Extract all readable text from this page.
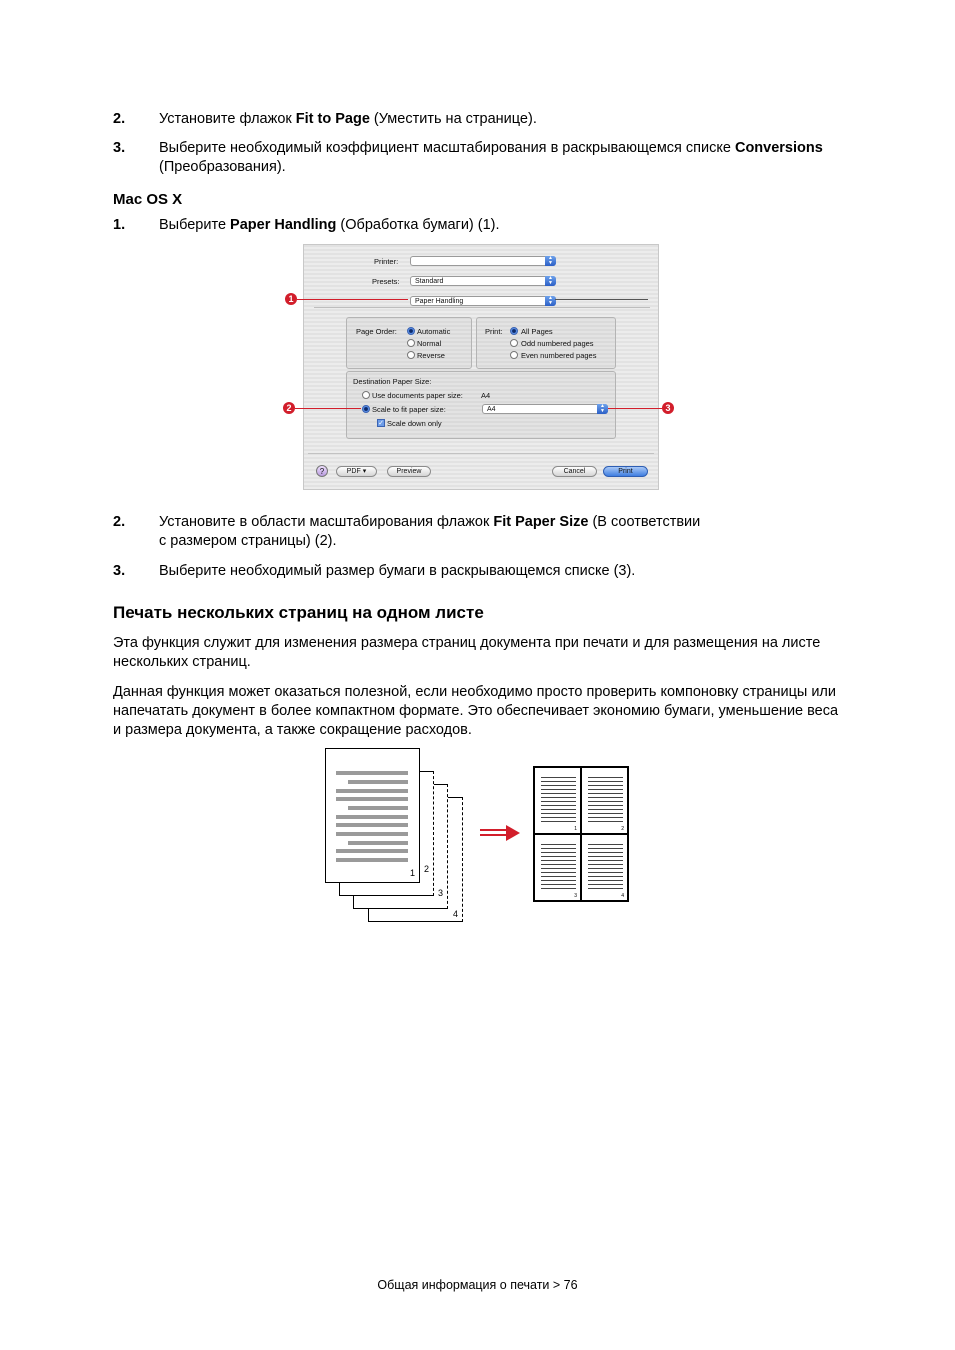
2. Установите флажок Fit to Page (Уместить на странице).
3. Выберите необходимый коэффициент масштабирования в раскрывающемся списке Conversions (Преобразования).
Mac OS X
1. Выберите Paper Handling (Обработка бумаги) (1).
Printer:	▲
▼
Presets:	Standard	▲
▼
Paper Handling	▲
▼
Page Order:	Automatic
Normal
Reverse
Print: All Pages
Odd numbered pages
Even numbered pages
Destination Paper Size:
Use documents paper size: A4
Scale to fit paper size:	A4	▲
▼
✓ Scale down only
?	PDF ▾	Preview	Cancel	Print
1
2	3
2. Установите в области масштабирования флажок Fit Paper Size (В соответствии
с размером страницы) (2).
3. Выберите необходимый размер бумаги в раскрывающемся списке (3).
Печать нескольких страниц на одном листе
Эта функция служит для изменения размера страниц документа при печати и для размещения на листе нескольких страниц.
Данная функция может оказаться полезной, если необходимо просто проверить компоновку страницы или напечатать документ в более компактном формате. Это обеспечивает экономию бумаги, уменьшение веса и размера документа, а также сокращение расходов.
4
3
2
1
1	2
3	4
Общая информация о печати > 76
